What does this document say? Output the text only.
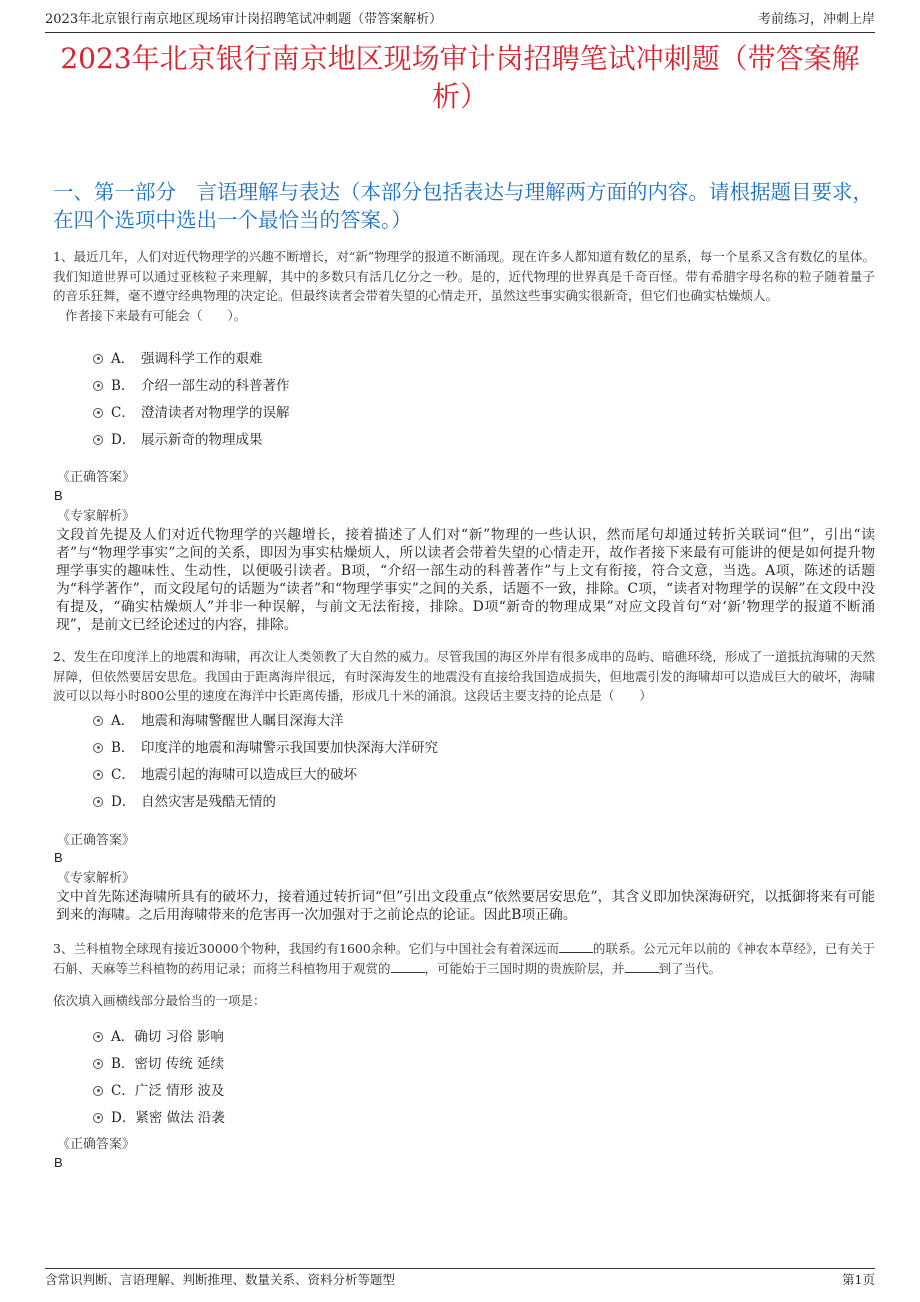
2023年北京银行南京地区现场审计岗招聘笔试冲刺题（带答案解析）	考前练习，冲刺上岸
2023年北京银行南京地区现场审计岗招聘笔试冲刺题（带答案解析）
一、第一部分　言语理解与表达（本部分包括表达与理解两方面的内容。请根据题目要求，在四个选项中选出一个最恰当的答案。）
1、最近几年，人们对近代物理学的兴趣不断增长，对“新”物理学的报道不断涌现。现在许多人都知道有数亿的星系，每一个星系又含有数亿的星体。我们知道世界可以通过亚核粒子来理解，其中的多数只有活几亿分之一秒。是的，近代物理的世界真是千奇百怪。带有希腊字母名称的粒子随着量子的音乐狂舞，毫不遵守经典物理的决定论。但最终读者会带着失望的心情走开，虽然这些事实确实很新奇，但它们也确实枯燥烦人。
作者接下来最有可能会（　　）。
A． 强调科学工作的艰难
B． 介绍一部生动的科普著作
C． 澄清读者对物理学的误解
D． 展示新奇的物理成果
《正确答案》
B
《专家解析》
文段首先提及人们对近代物理学的兴趣增长，接着描述了人们对“新”物理的一些认识，然而尾句却通过转折关联词“但”，引出“读者”与“物理学事实”之间的关系，即因为事实枯燥烦人，所以读者会带着失望的心情走开，故作者接下来最有可能讲的便是如何提升物理学事实的趣味性、生动性，以便吸引读者。B项，“介绍一部生动的科普著作”与上文有衔接，符合文意，当选。A项，陈述的话题为“科学著作”，而文段尾句的话题为“读者”和“物理学事实”之间的关系，话题不一致，排除。C项，“读者对物理学的误解”在文段中没有提及，“确实枯燥烦人”并非一种误解，与前文无法衔接，排除。D项“新奇的物理成果”对应文段首句“对‘新’物理学的报道不断涌现”，是前文已经论述过的内容，排除。
2、发生在印度洋上的地震和海啸，再次让人类领教了大自然的威力。尽管我国的海区外岸有很多成串的岛屿、暗礁环绕，形成了一道抵抗海啸的天然屏障，但依然要居安思危。我国由于距离海岸很远，有时深海发生的地震没有直接给我国造成损失，但地震引发的海啸却可以造成巨大的破坏，海啸波可以以每小时800公里的速度在海洋中长距离传播，形成几十米的涌浪。这段话主要支持的论点是（　　）
A． 地震和海啸警醒世人瞩目深海大洋
B． 印度洋的地震和海啸警示我国要加快深海大洋研究
C． 地震引起的海啸可以造成巨大的破坏
D． 自然灾害是残酷无情的
《正确答案》
B
《专家解析》
文中首先陈述海啸所具有的破坏力，接着通过转折词“但”引出文段重点“依然要居安思危”，其含义即加快深海研究，以抵御将来有可能到来的海啸。之后用海啸带来的危害再一次加强对于之前论点的论证。因此B项正确。
3、兰科植物全球现有接近30000个物种，我国约有1600余种。它们与中国社会有着深远而	的联系。公元元年以前的《神农本草经》，已有关于石斛、天麻等兰科植物的药用记录；而将兰科植物用于观赏的	，可能始于三国时期的贵族阶层，并	到了当代。
依次填入画横线部分最恰当的一项是：
A． 确切 习俗 影响
B． 密切 传统 延续
C． 广泛 情形 波及
D． 紧密 做法 沿袭
《正确答案》
B
含常识判断、言语理解、判断推理、数量关系、资料分析等题型	第1页
